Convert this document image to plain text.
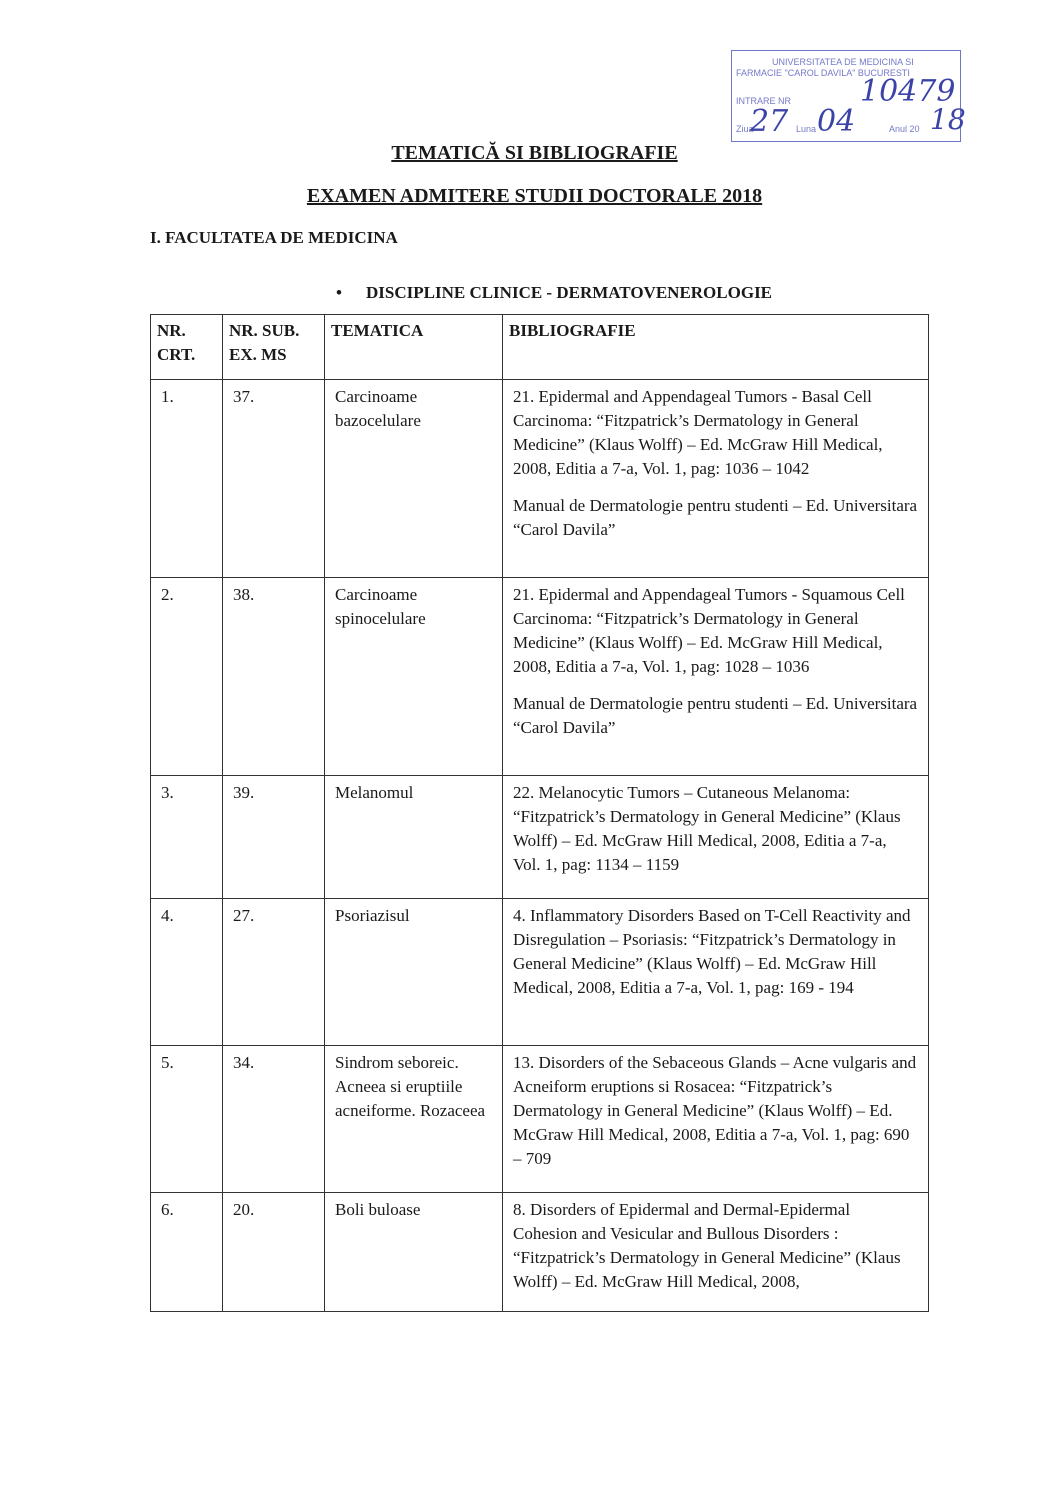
UNIVERSITATEA DE MEDICINA SI
FARMACIE "CAROL DAVILA" BUCURESTI
INTRARE NR
Ziua	Luna	Anul 20
10479
27 04	18
TEMATICĂ SI BIBLIOGRAFIE
EXAMEN ADMITERE STUDII DOCTORALE 2018
I. FACULTATEA DE MEDICINA
• DISCIPLINE CLINICE - DERMATOVENEROLOGIE
NR. CRT.	NR. SUB. EX. MS	TEMATICA	BIBLIOGRAFIE
1.	37.	Carcinoame bazocelulare	21. Epidermal and Appendageal Tumors - Basal Cell Carcinoma: “Fitzpatrick’s Dermatology in General Medicine” (Klaus Wolff) – Ed. McGraw Hill Medical, 2008, Editia a 7-a, Vol. 1, pag: 1036 – 1042

Manual de Dermatologie pentru studenti – Ed. Universitara “Carol Davila”

2.	38.	Carcinoame spinocelulare	21. Epidermal and Appendageal Tumors - Squamous Cell Carcinoma: “Fitzpatrick’s Dermatology in General Medicine” (Klaus Wolff) – Ed. McGraw Hill Medical, 2008, Editia a 7-a, Vol. 1, pag: 1028 – 1036

Manual de Dermatologie pentru studenti – Ed. Universitara “Carol Davila”

3.	39.	Melanomul	22. Melanocytic Tumors – Cutaneous Melanoma: “Fitzpatrick’s Dermatology in General Medicine” (Klaus Wolff) – Ed. McGraw Hill Medical, 2008, Editia a 7-a, Vol. 1, pag: 1134 – 1159

4.	27.	Psoriazisul	4. Inflammatory Disorders Based on T-Cell Reactivity and Disregulation – Psoriasis: “Fitzpatrick’s Dermatology in General Medicine” (Klaus Wolff) – Ed. McGraw Hill Medical, 2008, Editia a 7-a, Vol. 1, pag: 169 - 194

5.	34.	Sindrom seboreic. Acneea si eruptiile acneiforme. Rozaceea	13. Disorders of the Sebaceous Glands – Acne vulgaris and Acneiform eruptions si Rosacea: “Fitzpatrick’s Dermatology in General Medicine” (Klaus Wolff) – Ed. McGraw Hill Medical, 2008, Editia a 7-a, Vol. 1, pag: 690 – 709

6.	20.	Boli buloase	8. Disorders of Epidermal and Dermal-Epidermal Cohesion and Vesicular and Bullous Disorders : “Fitzpatrick’s Dermatology in General Medicine” (Klaus Wolff) – Ed. McGraw Hill Medical, 2008,
